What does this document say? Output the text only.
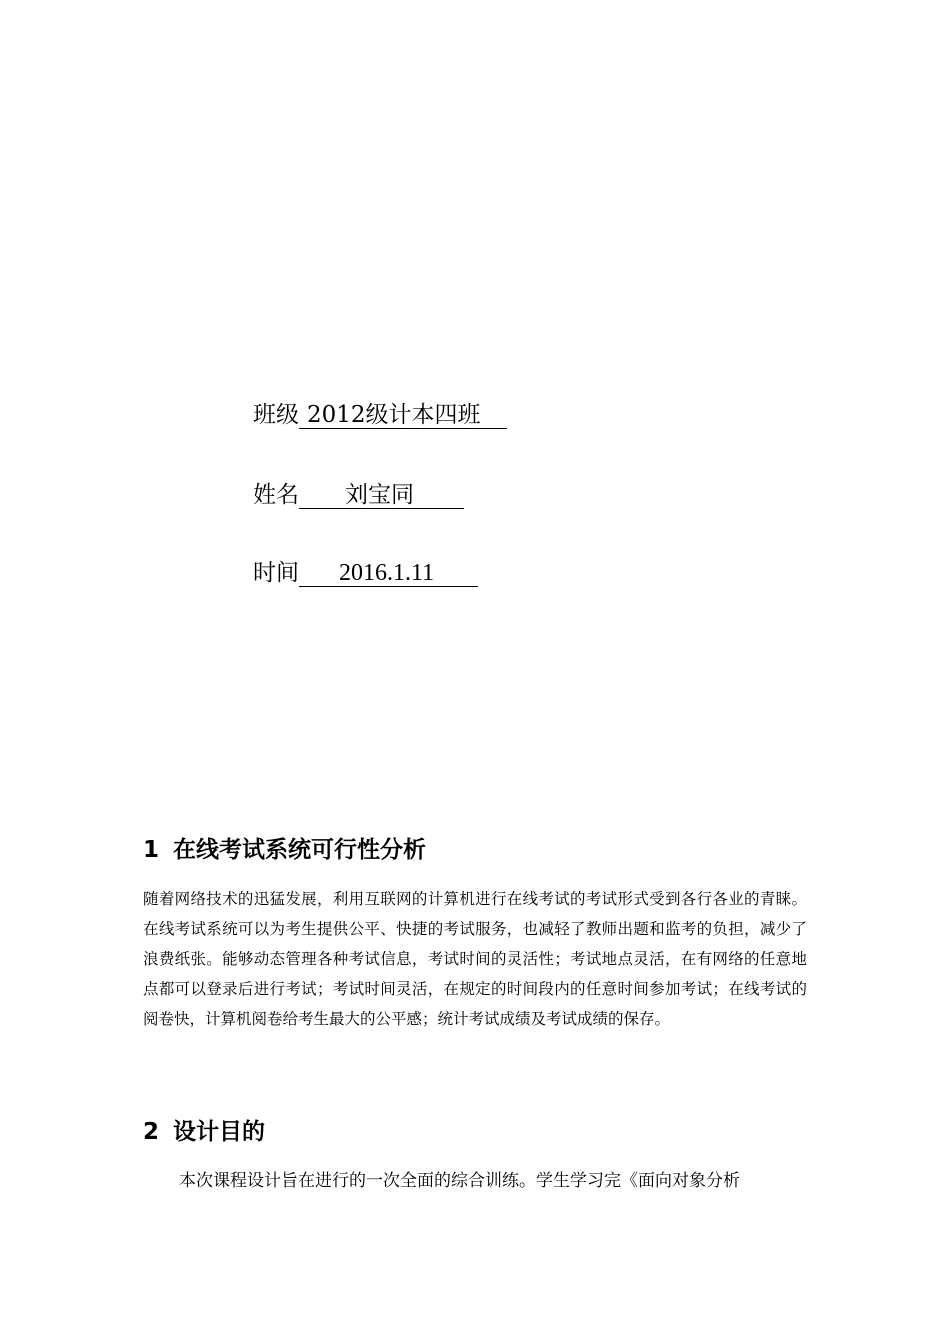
班级 2012级计本四班
姓名 刘宝同
时间 2016.1.11
1 在线考试系统可行性分析

随着网络技术的迅猛发展，利用互联网的计算机进行在线考试的考试形式受到各行各业的青睐。在线考试系统可以为考生提供公平、快捷的考试服务，也减轻了教师出题和监考的负担，减少了浪费纸张。能够动态管理各种考试信息，考试时间的灵活性；考试地点灵活，在有网络的任意地点都可以登录后进行考试；考试时间灵活，在规定的时间段内的任意时间参加考试；在线考试的阅卷快，计算机阅卷给考生最大的公平感；统计考试成绩及考试成绩的保存。

2 设计目的

本次课程设计旨在进行的一次全面的综合训练。学生学习完《面向对象分析
